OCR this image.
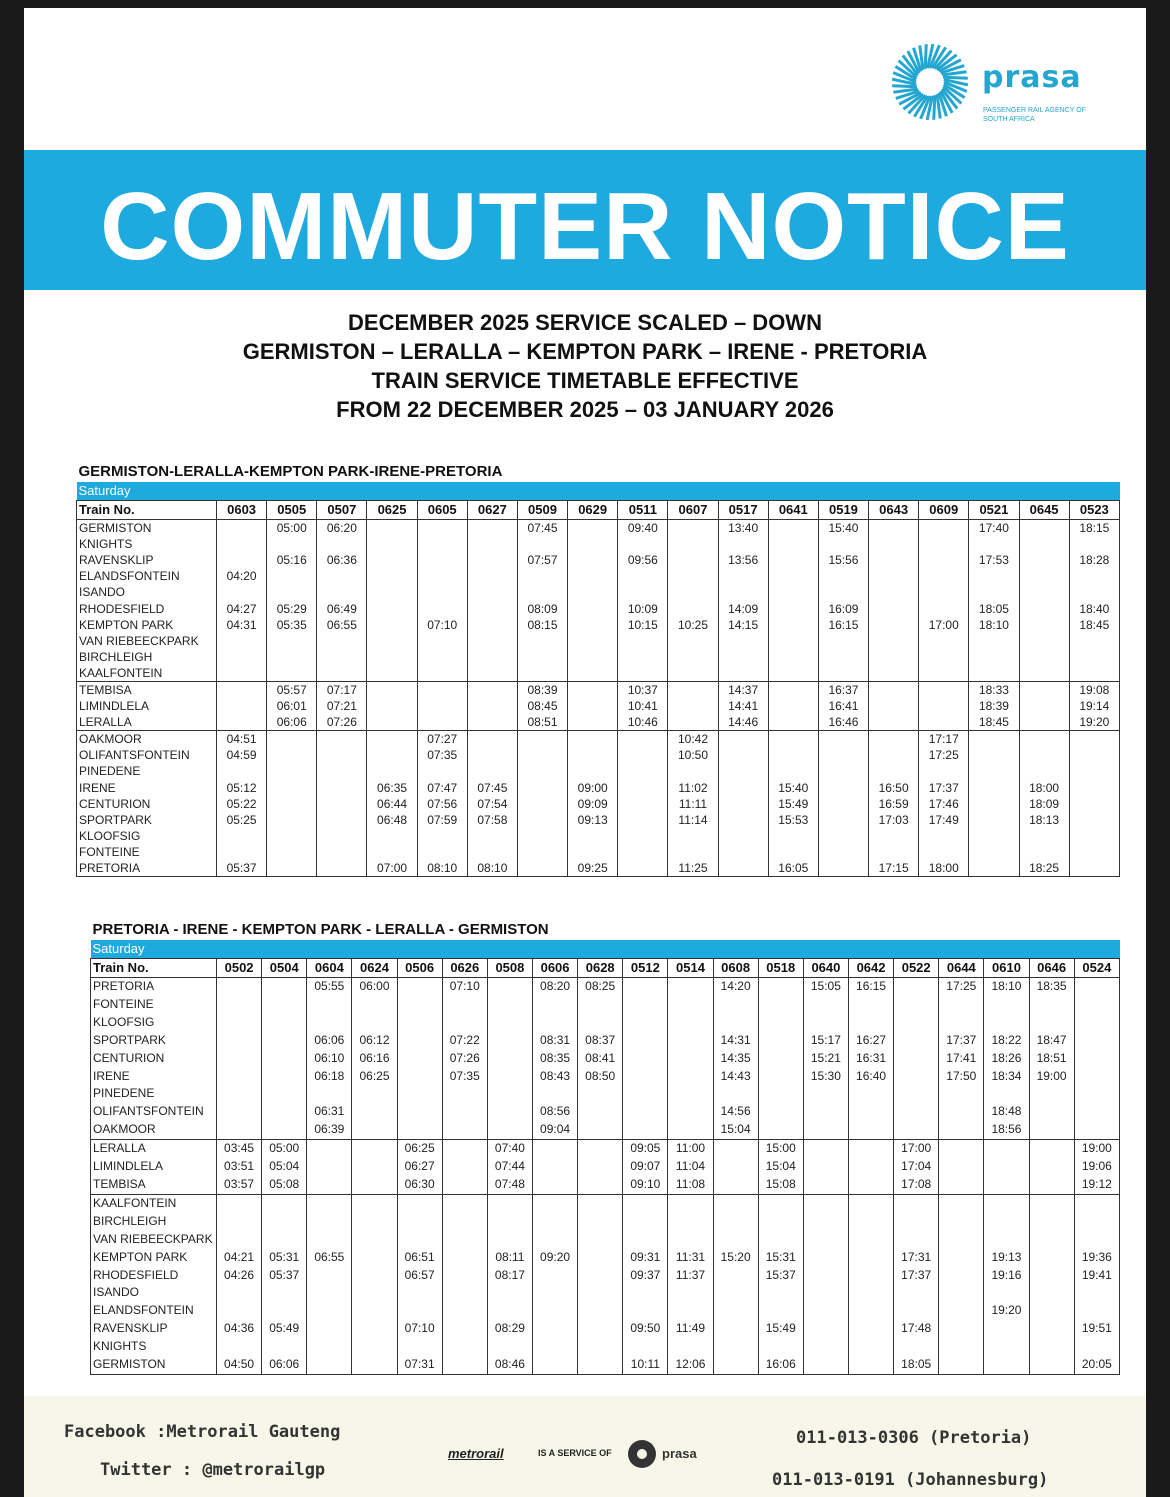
prasa
PASSENGER RAIL AGENCY OF SOUTH AFRICA
COMMUTER NOTICE
DECEMBER 2025 SERVICE SCALED – DOWN
GERMISTON – LERALLA – KEMPTON PARK – IRENE - PRETORIA
TRAIN SERVICE TIMETABLE EFFECTIVE
FROM 22 DECEMBER 2025 – 03 JANUARY 2026
GERMISTON-LERALLA-KEMPTON PARK-IRENE-PRETORIA																		
Saturday																		
Train No.	0603	0505	0507	0625	0605	0627	0509	0629	0511	0607	0517	0641	0519	0643	0609	0521	0645	0523
GERMISTON		05:00	06:20				07:45		09:40		13:40		15:40			17:40		18:15
KNIGHTS																		
RAVENSKLIP		05:16	06:36				07:57		09:56		13:56		15:56			17:53		18:28
ELANDSFONTEIN	04:20																	
ISANDO																		
RHODESFIELD	04:27	05:29	06:49				08:09		10:09		14:09		16:09			18:05		18:40
KEMPTON PARK	04:31	05:35	06:55		07:10		08:15		10:15	10:25	14:15		16:15		17:00	18:10		18:45
VAN RIEBEECKPARK																		
BIRCHLEIGH																		
KAALFONTEIN																		
TEMBISA		05:57	07:17				08:39		10:37		14:37		16:37			18:33		19:08
LIMINDLELA		06:01	07:21				08:45		10:41		14:41		16:41			18:39		19:14
LERALLA		06:06	07:26				08:51		10:46		14:46		16:46			18:45		19:20
OAKMOOR	04:51				07:27					10:42					17:17			
OLIFANTSFONTEIN	04:59				07:35					10:50					17:25			
PINEDENE																		
IRENE	05:12			06:35	07:47	07:45		09:00		11:02		15:40		16:50	17:37		18:00	
CENTURION	05:22			06:44	07:56	07:54		09:09		11:11		15:49		16:59	17:46		18:09	
SPORTPARK	05:25			06:48	07:59	07:58		09:13		11:14		15:53		17:03	17:49		18:13	
KLOOFSIG																		
FONTEINE																		
PRETORIA	05:37			07:00	08:10	08:10		09:25		11:25		16:05		17:15	18:00		18:25	
PRETORIA - IRENE - KEMPTON PARK - LERALLA - GERMISTON																				
Saturday																				
Train No.	0502	0504	0604	0624	0506	0626	0508	0606	0628	0512	0514	0608	0518	0640	0642	0522	0644	0610	0646	0524
PRETORIA			05:55	06:00		07:10		08:20	08:25			14:20		15:05	16:15		17:25	18:10	18:35	
FONTEINE																				
KLOOFSIG																				
SPORTPARK			06:06	06:12		07:22		08:31	08:37			14:31		15:17	16:27		17:37	18:22	18:47	
CENTURION			06:10	06:16		07:26		08:35	08:41			14:35		15:21	16:31		17:41	18:26	18:51	
IRENE			06:18	06:25		07:35		08:43	08:50			14:43		15:30	16:40		17:50	18:34	19:00	
PINEDENE																				
OLIFANTSFONTEIN			06:31					08:56				14:56						18:48		
OAKMOOR			06:39					09:04				15:04						18:56		
LERALLA	03:45	05:00			06:25		07:40			09:05	11:00		15:00			17:00				19:00
LIMINDLELA	03:51	05:04			06:27		07:44			09:07	11:04		15:04			17:04				19:06
TEMBISA	03:57	05:08			06:30		07:48			09:10	11:08		15:08			17:08				19:12
KAALFONTEIN																				
BIRCHLEIGH																				
VAN RIEBEECKPARK																				
KEMPTON PARK	04:21	05:31	06:55		06:51		08:11	09:20		09:31	11:31	15:20	15:31			17:31		19:13		19:36
RHODESFIELD	04:26	05:37			06:57		08:17			09:37	11:37		15:37			17:37		19:16		19:41
ISANDO																				
ELANDSFONTEIN																		19:20		
RAVENSKLIP	04:36	05:49			07:10		08:29			09:50	11:49		15:49			17:48				19:51
KNIGHTS																				
GERMISTON	04:50	06:06			07:31		08:46			10:11	12:06		16:06			18:05				20:05
Facebook :Metrorail Gauteng
Twitter : @metrorailgp
metrorail	IS A SERVICE OF	prasa
011-013-0306 (Pretoria)
011-013-0191 (Johannesburg)
